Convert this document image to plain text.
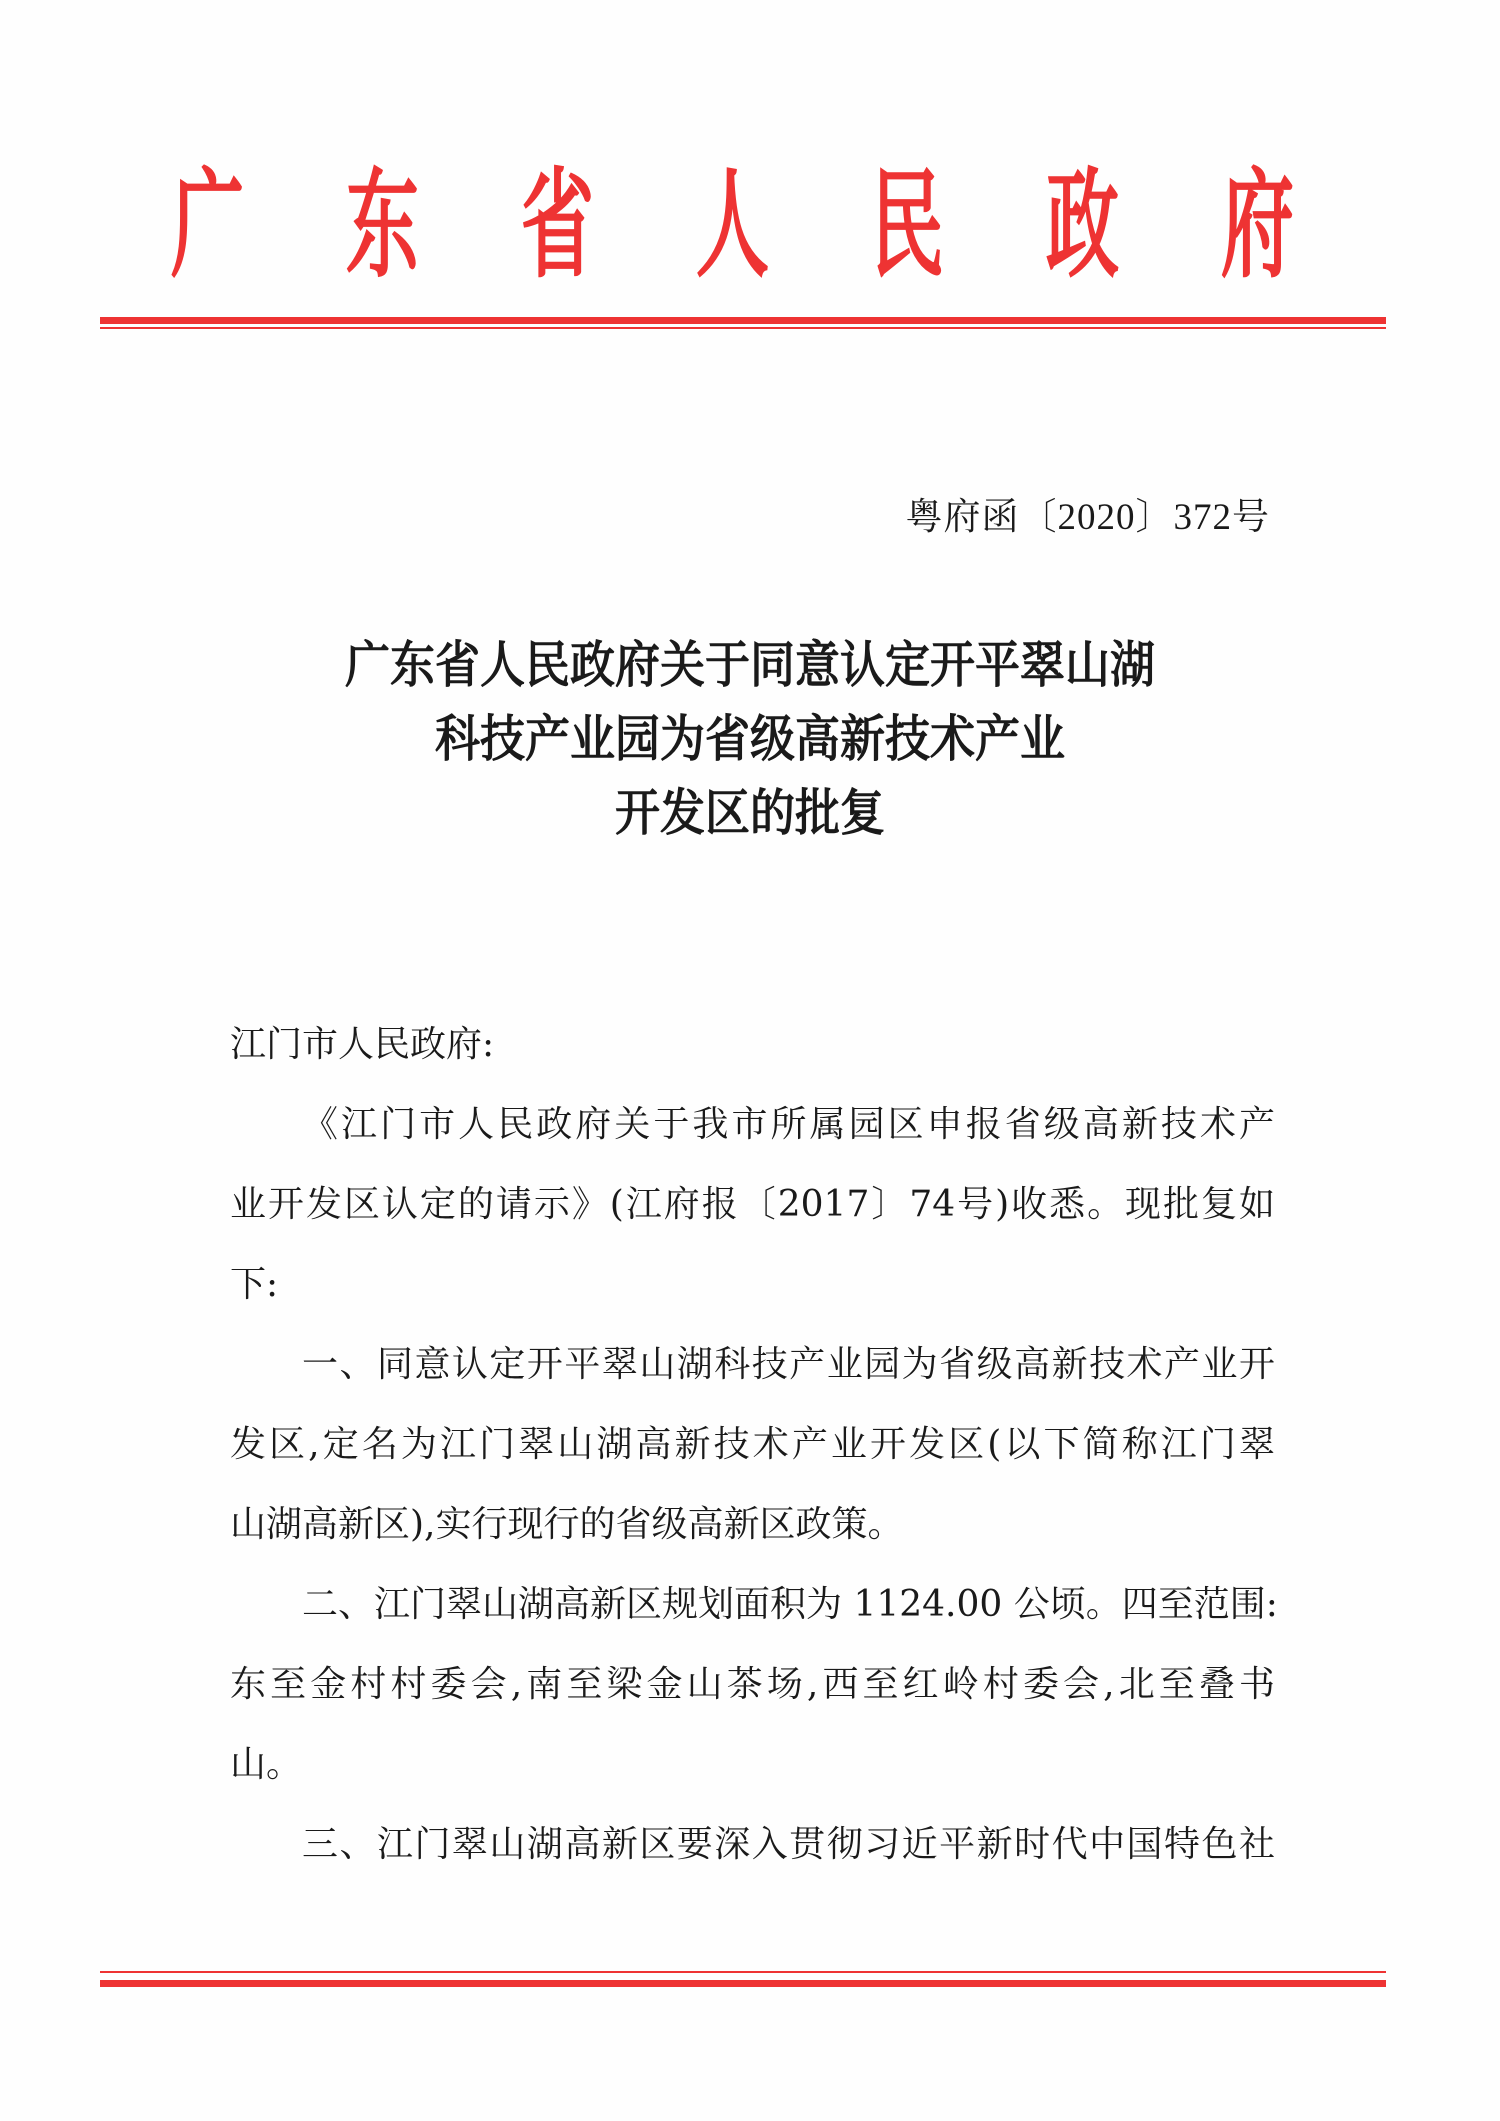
广 东 省 人 民 政 府
粤府函〔2020〕372号
广东省人民政府关于同意认定开平翠山湖
科技产业园为省级高新技术产业
开发区的批复
江门市人民政府:
《江门市人民政府关于我市所属园区申报省级高新技术产
业开发区认定的请示》(江府报〔2017〕74号)收悉。现批复如
下:
一、同意认定开平翠山湖科技产业园为省级高新技术产业开
发区,定名为江门翠山湖高新技术产业开发区(以下简称江门翠
山湖高新区),实行现行的省级高新区政策。
二、江门翠山湖高新区规划面积为 1124.00 公顷。四至范围:
东至金村村委会,南至梁金山茶场,西至红岭村委会,北至叠书
山。
三、江门翠山湖高新区要深入贯彻习近平新时代中国特色社
